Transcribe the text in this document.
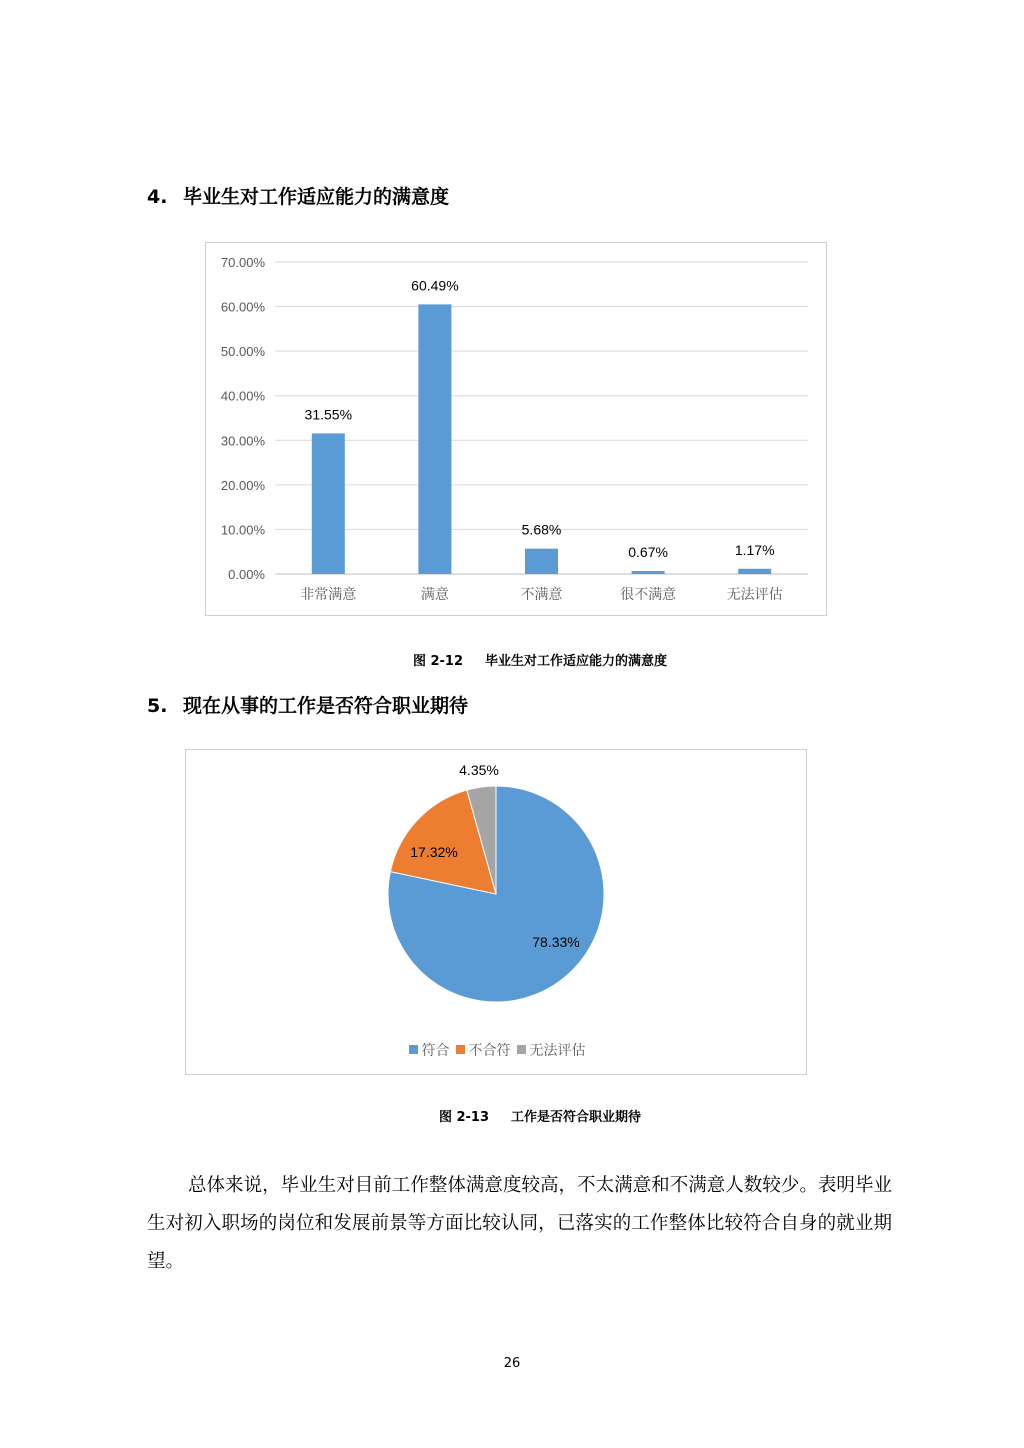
4. 毕业生对工作适应能力的满意度
0.00%
10.00%
20.00%
30.00%
40.00%
50.00%
60.00%
70.00%
31.55%
非常满意
60.49%
满意
5.68%
不满意
0.67%
很不满意
1.17%
无法评估

图 2-12 毕业生对工作适应能力的满意度

5. 现在从事的工作是否符合职业期待
78.33%
17.32%
4.35%
符合 不合符 无法评估

图 2-13 工作是否符合职业期待

总体来说，毕业生对目前工作整体满意度较高，不太满意和不满意人数较少。表明毕业生对初入职场的岗位和发展前景等方面比较认同，已落实的工作整体比较符合自身的就业期望。

26
